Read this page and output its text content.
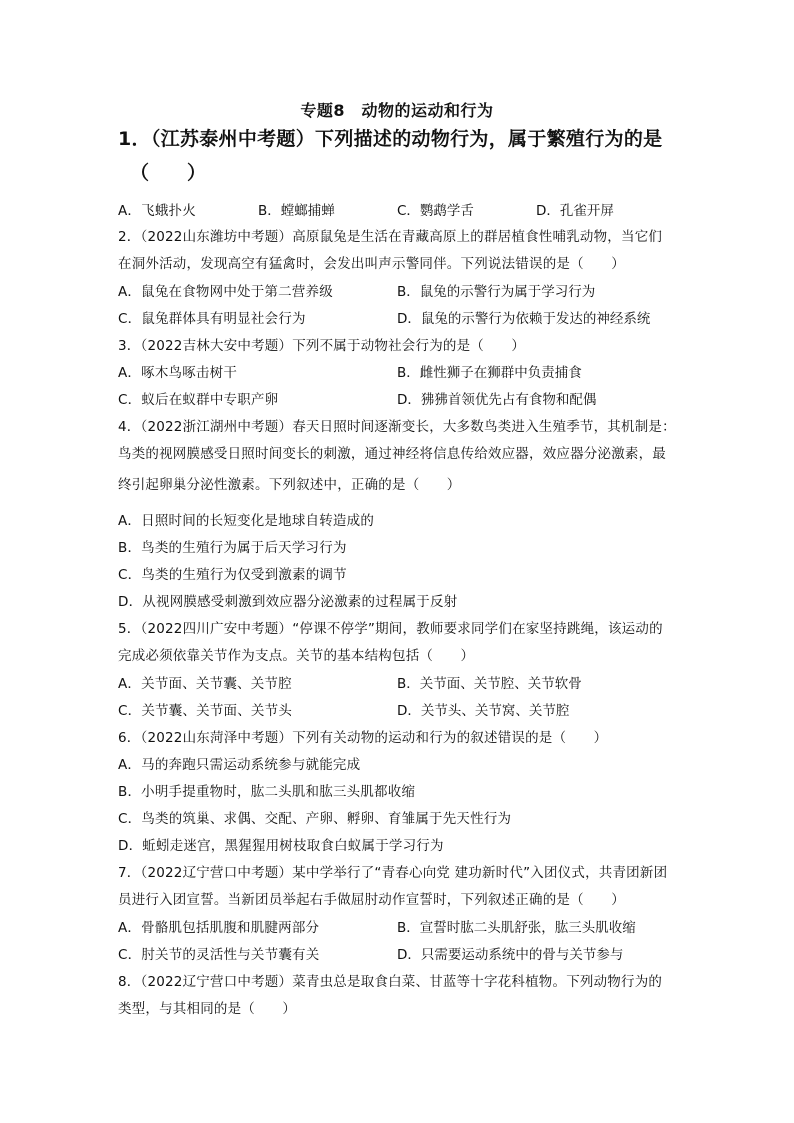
专题8　动物的运动和行为
1．（江苏泰州中考题）下列描述的动物行为，属于繁殖行为的是
（　　）
A．飞蛾扑火	B．螳螂捕蝉	C．鹦鹉学舌	D．孔雀开屏
2．（2022山东潍坊中考题）高原鼠兔是生活在青藏高原上的群居植食性哺乳动物，当它们
在洞外活动，发现高空有猛禽时，会发出叫声示警同伴。下列说法错误的是（　　）
A．鼠兔在食物网中处于第二营养级	B．鼠兔的示警行为属于学习行为
C．鼠兔群体具有明显社会行为	D．鼠兔的示警行为依赖于发达的神经系统
3．（2022吉林大安中考题）下列不属于动物社会行为的是（　　）
A．啄木鸟啄击树干	B．雌性狮子在狮群中负责捕食
C．蚁后在蚁群中专职产卵	D．狒狒首领优先占有食物和配偶
4．（2022浙江湖州中考题）春天日照时间逐渐变长，大多数鸟类进入生殖季节，其机制是：
鸟类的视网膜感受日照时间变长的刺激，通过神经将信息传给效应器，效应器分泌激素，最
终引起卵巢分泌性激素。下列叙述中，正确的是（　　）
A．日照时间的长短变化是地球自转造成的
B．鸟类的生殖行为属于后天学习行为
C．鸟类的生殖行为仅受到激素的调节
D．从视网膜感受刺激到效应器分泌激素的过程属于反射
5．（2022四川广安中考题）“停课不停学”期间，教师要求同学们在家坚持跳绳，该运动的
完成必须依靠关节作为支点。关节的基本结构包括（　　）
A．关节面、关节囊、关节腔	B．关节面、关节腔、关节软骨
C．关节囊、关节面、关节头	D．关节头、关节窝、关节腔
6．（2022山东菏泽中考题）下列有关动物的运动和行为的叙述错误的是（　　）
A．马的奔跑只需运动系统参与就能完成
B．小明手提重物时，肱二头肌和肱三头肌都收缩
C．鸟类的筑巢、求偶、交配、产卵、孵卵、育雏属于先天性行为
D．蚯蚓走迷宫，黑猩猩用树枝取食白蚁属于学习行为
7．（2022辽宁营口中考题）某中学举行了“青春心向党 建功新时代”入团仪式，共青团新团
员进行入团宣誓。当新团员举起右手做屈肘动作宣誓时，下列叙述正确的是（　　）
A．骨骼肌包括肌腹和肌腱两部分	B．宣誓时肱二头肌舒张，肱三头肌收缩
C．肘关节的灵活性与关节囊有关	D．只需要运动系统中的骨与关节参与
8．（2022辽宁营口中考题）菜青虫总是取食白菜、甘蓝等十字花科植物。下列动物行为的
类型，与其相同的是（　　）
